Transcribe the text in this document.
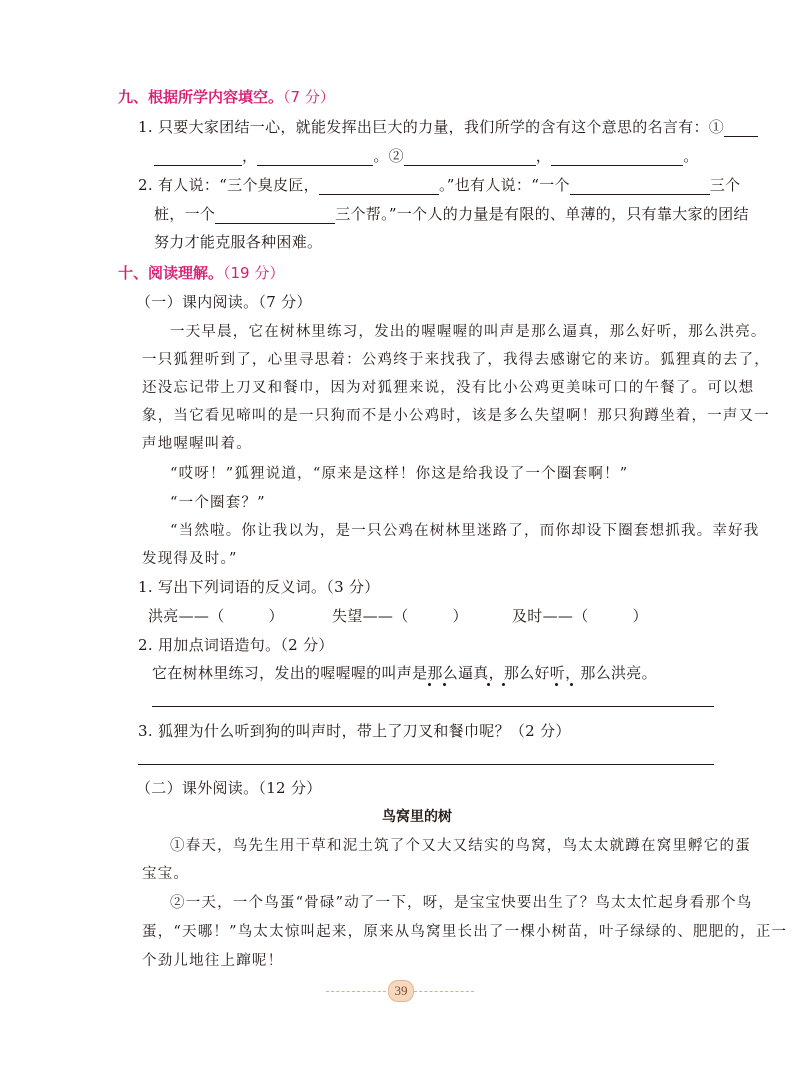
九、根据所学内容填空。（7 分）
1. 只要大家团结一心，就能发挥出巨大的力量，我们所学的含有这个意思的名言有：①
，	。②	，	。
2. 有人说：“三个臭皮匠，	。”也有人说：“一个	三个
桩，一个	三个帮。”一个人的力量是有限的、单薄的，只有靠大家的团结
努力才能克服各种困难。
十、阅读理解。（19 分）
（一）课内阅读。（7 分）
一天早晨，它在树林里练习，发出的喔喔喔的叫声是那么逼真，那么好听，那么洪亮。
一只狐狸听到了，心里寻思着：公鸡终于来找我了，我得去感谢它的来访。狐狸真的去了，
还没忘记带上刀叉和餐巾，因为对狐狸来说，没有比小公鸡更美味可口的午餐了。可以想
象，当它看见啼叫的是一只狗而不是小公鸡时，该是多么失望啊！那只狗蹲坐着，一声又一
声地喔喔叫着。
“哎呀！”狐狸说道，“原来是这样！你这是给我设了一个圈套啊！”
“一个圈套？”
“当然啦。你让我以为，是一只公鸡在树林里迷路了，而你却设下圈套想抓我。幸好我
发现得及时。”
1. 写出下列词语的反义词。（3 分）
洪亮——（	）	失望——（	）	及时——（	）
2. 用加点词语造句。（2 分）
它在树林里练习，发出的喔喔喔的叫声是那么逼真，那么好听，那么洪亮。
3. 狐狸为什么听到狗的叫声时，带上了刀叉和餐巾呢？（2 分）
（二）课外阅读。（12 分）
鸟窝里的树
①春天，鸟先生用干草和泥土筑了个又大又结实的鸟窝，鸟太太就蹲在窝里孵它的蛋
宝宝。
②一天，一个鸟蛋“骨碌”动了一下，呀，是宝宝快要出生了？鸟太太忙起身看那个鸟
蛋，“天哪！”鸟太太惊叫起来，原来从鸟窝里长出了一棵小树苗，叶子绿绿的、肥肥的，正一
个劲儿地往上蹿呢！
39
